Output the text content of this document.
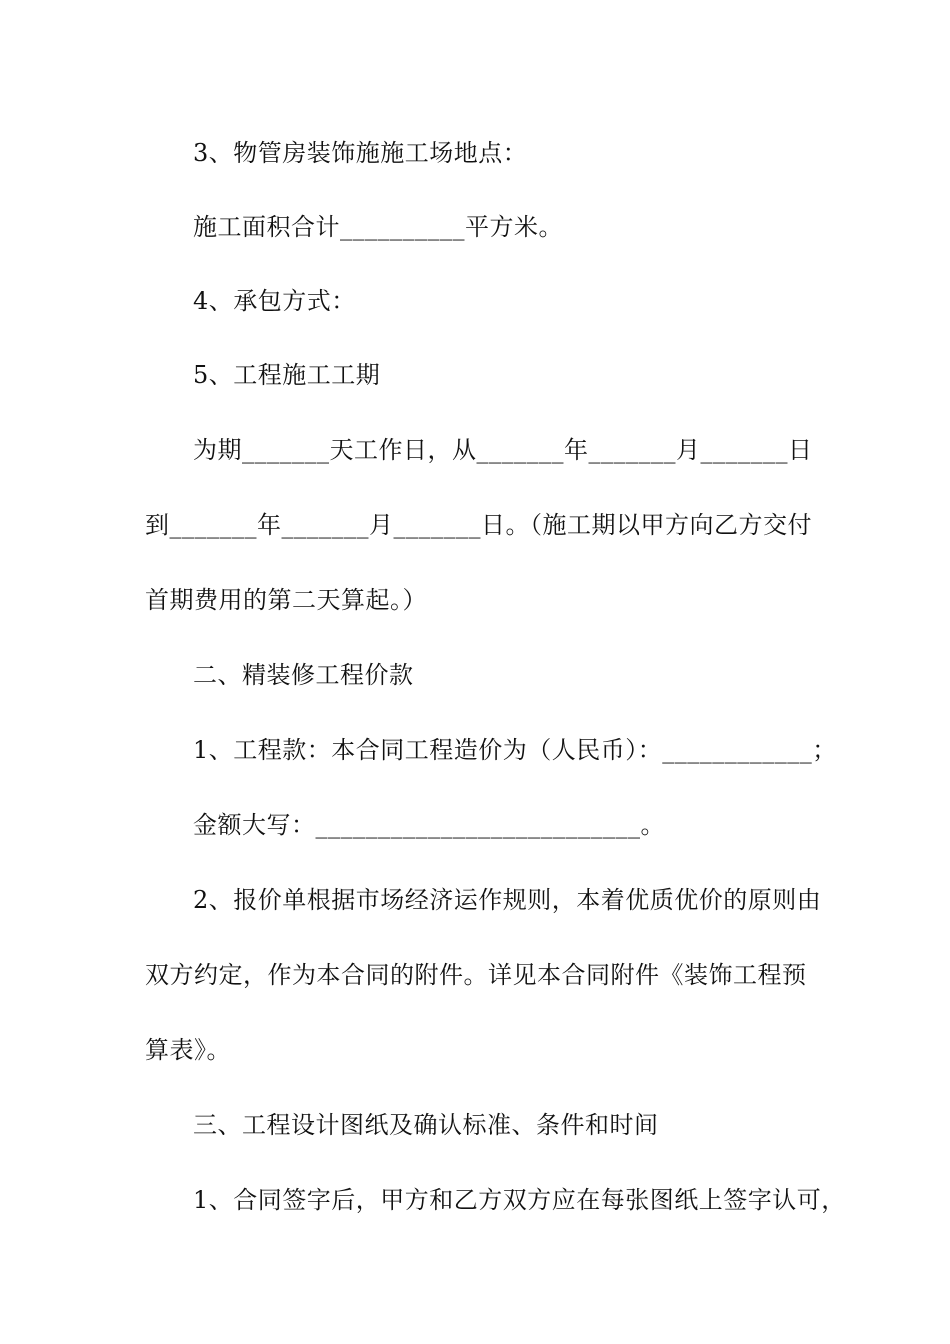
3、物管房装饰施施工场地点：
施工面积合计__________平方米。
4、承包方式：
5、工程施工工期
为期_______天工作日，从_______年_______月_______日
到_______年_______月_______日。（施工期以甲方向乙方交付
首期费用的第二天算起。）
二、精装修工程价款
1、工程款：本合同工程造价为（人民币）：____________；
金额大写：__________________________。
2、报价单根据市场经济运作规则，本着优质优价的原则由
双方约定，作为本合同的附件。详见本合同附件《装饰工程预
算表》。
三、工程设计图纸及确认标准、条件和时间
1、合同签字后，甲方和乙方双方应在每张图纸上签字认可，
